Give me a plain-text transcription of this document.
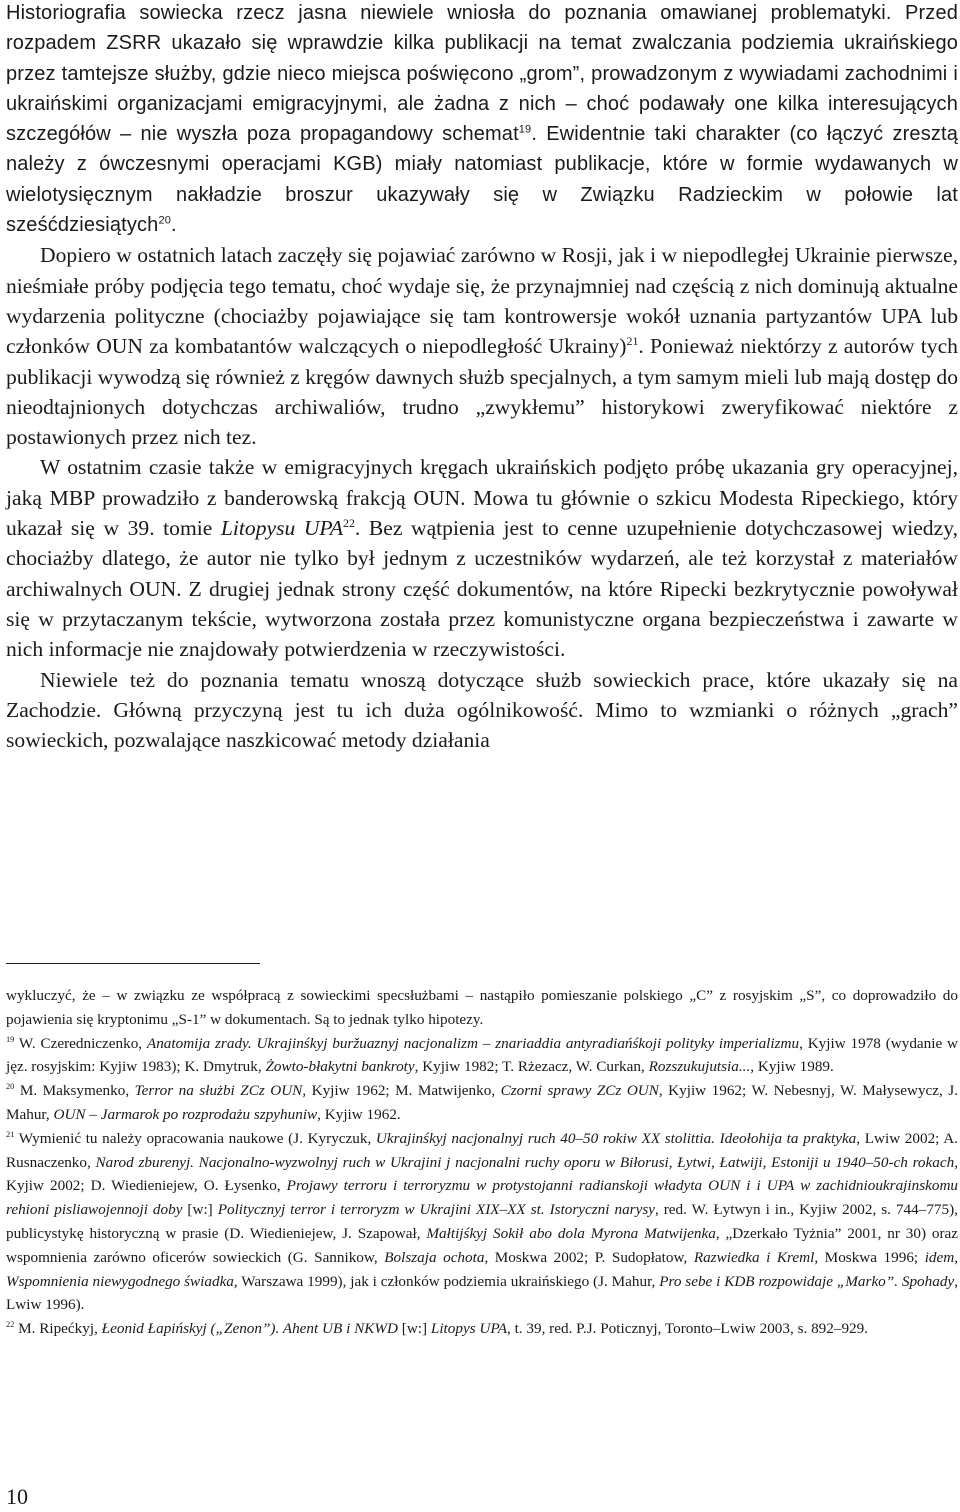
Historiografia sowiecka rzecz jasna niewiele wniosła do poznania omawianej problematyki. Przed rozpadem ZSRR ukazało się wprawdzie kilka publikacji na temat zwalczania podziemia ukraińskiego przez tamtejsze służby, gdzie nieco miejsca poświęcono „grom”, prowadzonym z wywiadami zachodnimi i ukraińskimi organizacjami emigracyjnymi, ale żadna z nich – choć podawały one kilka interesujących szczegółów – nie wyszła poza propagandowy schemat$^{19}$. Ewidentnie taki charakter (co łączyć zresztą należy z ówczesnymi operacjami KGB) miały natomiast publikacje, które w formie wydawanych w wielotysięcznym nakładzie broszur ukazywały się w Związku Radzieckim w połowie lat sześćdziesiątych$^{20}$.

Dopiero w ostatnich latach zaczęły się pojawiać zarówno w Rosji, jak i w niepodległej Ukrainie pierwsze, nieśmiałe próby podjęcia tego tematu, choć wydaje się, że przynajmniej nad częścią z nich dominują aktualne wydarzenia polityczne (chociażby pojawiające się tam kontrowersje wokół uznania partyzantów UPA lub członków OUN za kombatantów walczących o niepodległość Ukrainy)$^{21}$. Ponieważ niektórzy z autorów tych publikacji wywodzą się również z kręgów dawnych służb specjalnych, a tym samym mieli lub mają dostęp do nieodtajnionych dotychczas archiwaliów, trudno „zwykłemu” historykowi zweryfikować niektóre z postawionych przez nich tez.

W ostatnim czasie także w emigracyjnych kręgach ukraińskich podjęto próbę ukazania gry operacyjnej, jaką MBP prowadziło z banderowską frakcją OUN. Mowa tu głównie o szkicu Modesta Ripeckiego, który ukazał się w 39. tomie Litopysu UPA$^{22}$. Bez wątpienia jest to cenne uzupełnienie dotychczasowej wiedzy, chociażby dlatego, że autor nie tylko był jednym z uczestników wydarzeń, ale też korzystał z materiałów archiwalnych OUN. Z drugiej jednak strony część dokumentów, na które Ripecki bezkrytycznie powoływał się w przytaczanym tekście, wytworzona została przez komunistyczne organa bezpieczeństwa i zawarte w nich informacje nie znajdowały potwierdzenia w rzeczywistości.

Niewiele też do poznania tematu wnoszą dotyczące służb sowieckich prace, które ukazały się na Zachodzie. Główną przyczyną jest tu ich duża ogólnikowość. Mimo to wzmianki o różnych „grach” sowieckich, pozwalające naszkicować metody działania

wykluczyć, że – w związku ze współpracą z sowieckimi specsłużbami – nastąpiło pomieszanie polskiego „C” z rosyjskim „S”, co doprowadziło do pojawienia się kryptonimu „S-1” w dokumentach. Są to jednak tylko hipotezy.

$^{19}$ W. Czeredniczenko, Anatomija zrady. Ukrajinśkyj buržuaznyj nacjonalizm – znariaddia antyradiańśkoji polityky imperializmu, Kyjiw 1978 (wydanie w jęz. rosyjskim: Kyjiw 1983); K. Dmytruk, Żowto-błakytni bankroty, Kyjiw 1982; T. Rżezacz, W. Curkan, Rozszukujutsia..., Kyjiw 1989.

$^{20}$ M. Maksymenko, Terror na służbi ZCz OUN, Kyjiw 1962; M. Matwijenko, Czorni sprawy ZCz OUN, Kyjiw 1962; W. Nebesnyj, W. Małysewycz, J. Mahur, OUN – Jarmarok po rozprodażu szpyhuniw, Kyjiw 1962.

$^{21}$ Wymienić tu należy opracowania naukowe (J. Kyryczuk, Ukrajinśkyj nacjonalnyj ruch 40–50 rokiw XX stolittia. Ideołohija ta praktyka, Lwiw 2002; A. Rusnaczenko, Narod zburenyj. Nacjonalno-wyzwolnyj ruch w Ukrajini j nacjonalni ruchy oporu w Biłorusi, Łytwi, Łatwiji, Estoniji u 1940–50-ch rokach, Kyjiw 2002; D. Wiedieniejew, O. Łysenko, Projawy terroru i terroryzmu w protystojanni radianskoji władyta OUN i i UPA w zachidnioukrajinskomu rehioni pisliawojennoji doby [w:] Politycznyj terror i terroryzm w Ukrajini XIX–XX st. Istoryczni narysy, red. W. Łytwyn i in., Kyjiw 2002, s. 744–775), publicystykę historyczną w prasie (D. Wiedieniejew, J. Szapował, Małtijśkyj Sokił abo dola Myrona Matwijenka, „Dzerkało Tyżnia” 2001, nr 30) oraz wspomnienia zarówno oficerów sowieckich (G. Sannikow, Bolszaja ochota, Moskwa 2002; P. Sudopłatow, Razwiedka i Kreml, Moskwa 1996; idem, Wspomnienia niewygodnego świadka, Warszawa 1999), jak i członków podziemia ukraińskiego (J. Mahur, Pro sebe i KDB rozpowidaje „Marko”. Spohady, Lwiw 1996).

$^{22}$ M. Ripećkyj, Łeonid Łapińskyj („Zenon”). Ahent UB i NKWD [w:] Litopys UPA, t. 39, red. P.J. Poticznyj, Toronto–Lwiw 2003, s. 892–929.

10
